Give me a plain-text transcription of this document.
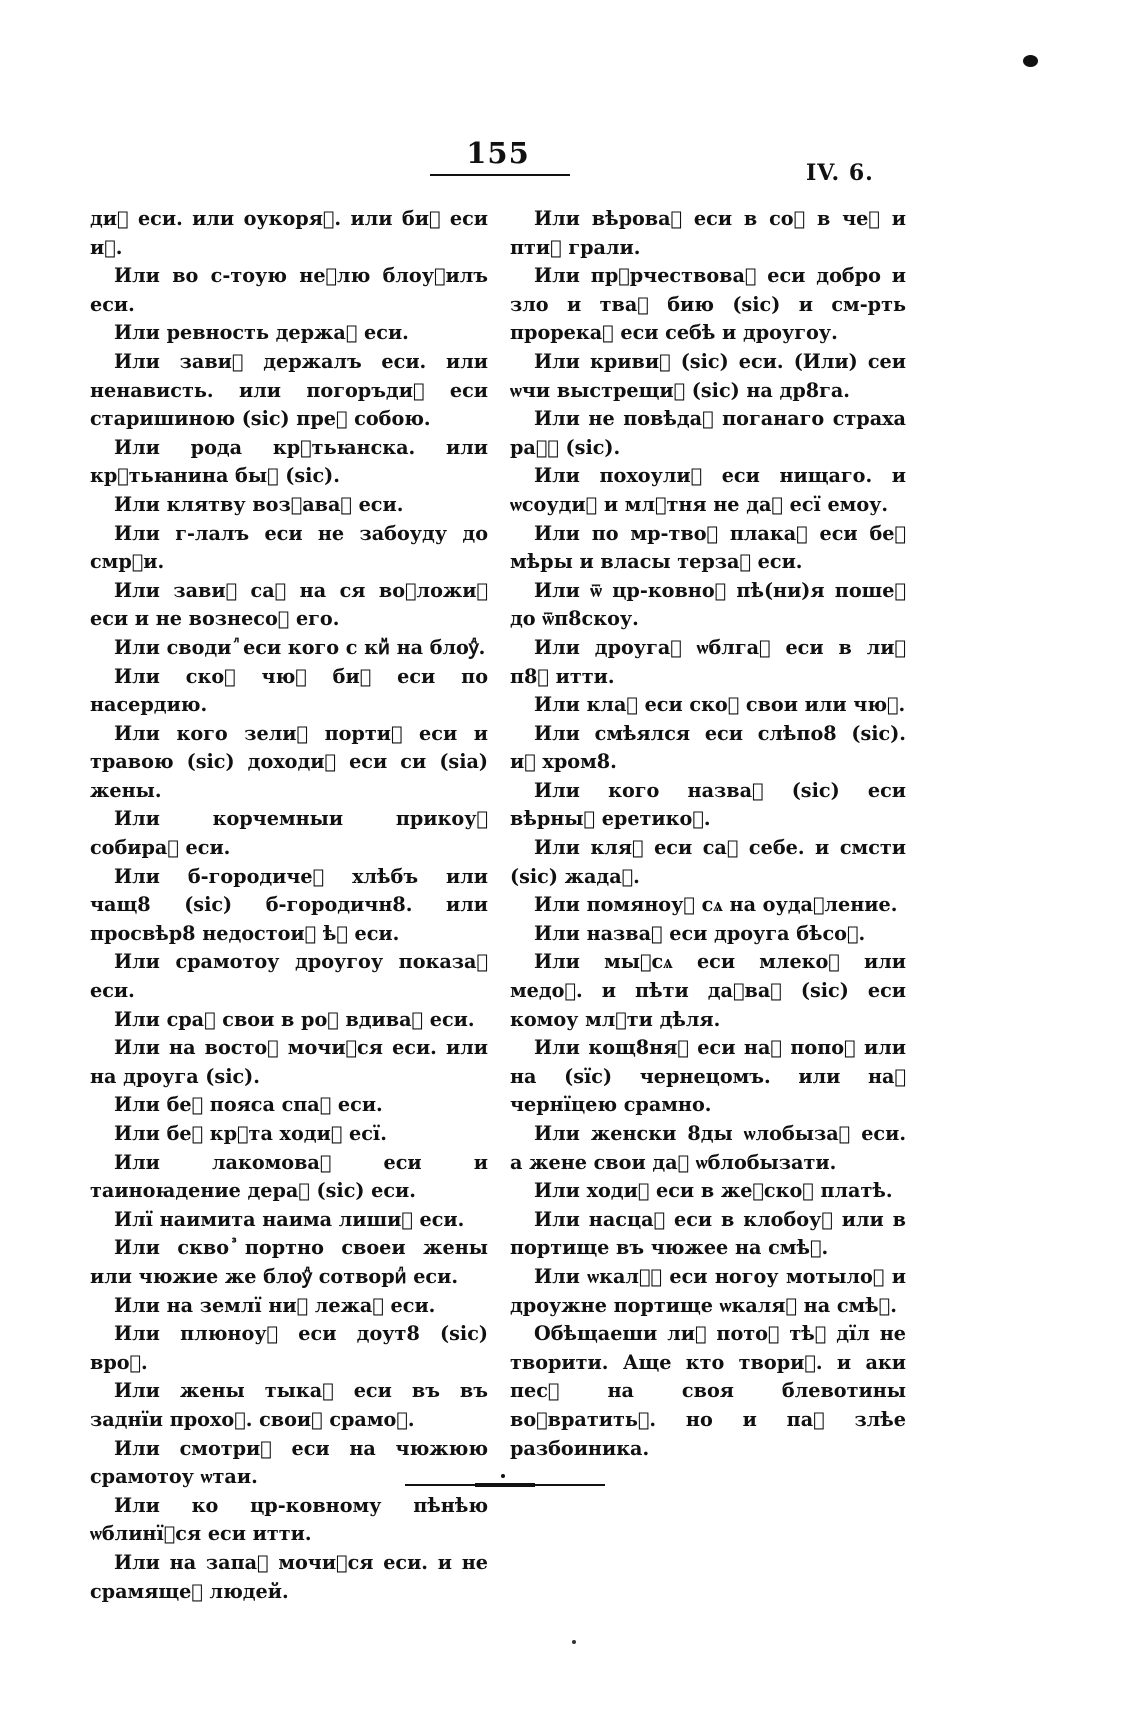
155
IV. 6.

диⷧ еси. или оукоряⷧ. или биⷧ еси иⷯ.

Или во с-тоую неⷣлю блоуⷣилъ еси.

Или ревность держаⷧ еси.

Или завиⷭ держалъ еси. или ненависть. или погоръдиⷧ еси старишиною (sic) преⷣ собою.

Или рода крⷭтьꙗнска. или крⷭтьꙗнина быⷧ (sic).

Или клятву возⷣаваⷧ еси.

Или г-лалъ еси не забоуду до смрⷮи.

Или завиⷮ саⷨ на ся воⷥложиⷧ еси и не вознесоⷯ его.

Или своди ⷧ еси кого с киⷨ на блоуⷣ.

Или скоⷮ чюⷨ биⷧ еси по насердию.

Или кого зелиⷨ портиⷧ еси и травою (sic) доходиⷧ еси си (sia) жены.

Или корчемныи прикоуⷫ собираⷧ еси.

Или б-городичеⷩ хлѣбъ или чащ8 (sic) б-городичн8. или просвѣр8 недостоиⷩ ѣⷧ еси.

Или срамотоу дроугоу показаⷧ еси.

Или сраⷨ свои в роⷮ вдиваⷧ еси.

Или на востоⷦ мочиⷧся еси. или на дроуга (sic).

Или беⷥ пояса спаⷧ еси.

Или беⷥ крⷭта ходиⷧ есї.

Или лакомоваⷧ еси и таиноꙗдение дераⷧ (sic) еси.

Илї наимита наима лишиⷧ еси.

Или скво ⷥпортно своеи жены или чюжие же блоуⷣ сотвориⷧ еси.

Или на землї ниⷱ лежаⷧ еси.

Или плюноуⷧ еси доут8 (sic) вроⷮ.

Или жены тыкаⷧ еси въ въ заднїи прохоⷣ. своиⷨ срамоⷨ.

Или смотриⷧ еси на чюжюю срамотоу ѡтаи.

Или ко цр-ковному пѣнѣю ѡблинїⷧся еси итти.

Или на запаⷣ мочиⷧся еси. и не срамящеⷭ людей.

Или вѣроваⷧ еси в соⷩ в чеⷯ и птиⷱ грали.

Или прⷪрчествоваⷧ еси добро и зло и тваⷬ бию (sic) и см-рть прорекаⷧ еси себѣ и дроугоу.

Или кривиⷧ (sic) еси. (Или) сеи ѡчи выстрещиⷧ (sic) на др8га.

Или не повѣдаⷧ поганаго страха раⷣⷧ (sic).

Или похоулиⷧ еси нищаго. и ѡсоудиⷧ и млⷭтня не даⷧ есї емоу.

Или по мр-твоⷨ плакаⷧ еси беⷥ мѣры и власы терзаⷧ еси.

Или ѿ цр-ковноⷢ пѣ(ни)я пошеⷧ до ѿп8скоу.

Или дроугаⷢ ѡблгаⷧ еси в лиⷯ п8ⷮ итти.

Или клаⷧ еси скоⷮ свои или чюⷨ.

Или смѣялся еси слѣпо8 (sic). иⷯ хром8.

Или кого назваⷧ (sic) еси вѣрныⷯ еретикоⷨ.

Или кляⷧ еси саⷨ себе. и смсти (sic) жадаⷧ.

Или помяноуⷧ сѧ на оудаⷭление.

Или назваⷧ еси дроуга бѣсоⷨ.

Или мыⷧсѧ еси млекоⷨ или медоⷨ. и пѣти даⷥваⷧ (sic) еси комоу млⷭти дѣля.

Или кощ8няⷧ еси наⷣ попоⷨ или на (sїc) чернецомъ. или наⷣ чернїцею срамно.

Или женски 8ды ѡлобызаⷧ еси. а жене свои даⷧ ѡблобызати.

Или ходиⷧ еси в жеⷩскоⷨ платѣ.

Или насцаⷧ еси в клобоуⷦ или в портище въ чюжее на смѣⷯ.

Или ѡкалѧⷧ еси ногоу мотылоⷨ и дроужне портище ѡкаляⷧ на смѣⷯ.

Обѣщаеши лиⷭ потоⷨ тѣⷯ дїл не творити. Аще кто твориⷮ. и аки песⷭ на своя блевотины воⷥвратитьⷭ. но и паⷱ злѣе разбоиника.
